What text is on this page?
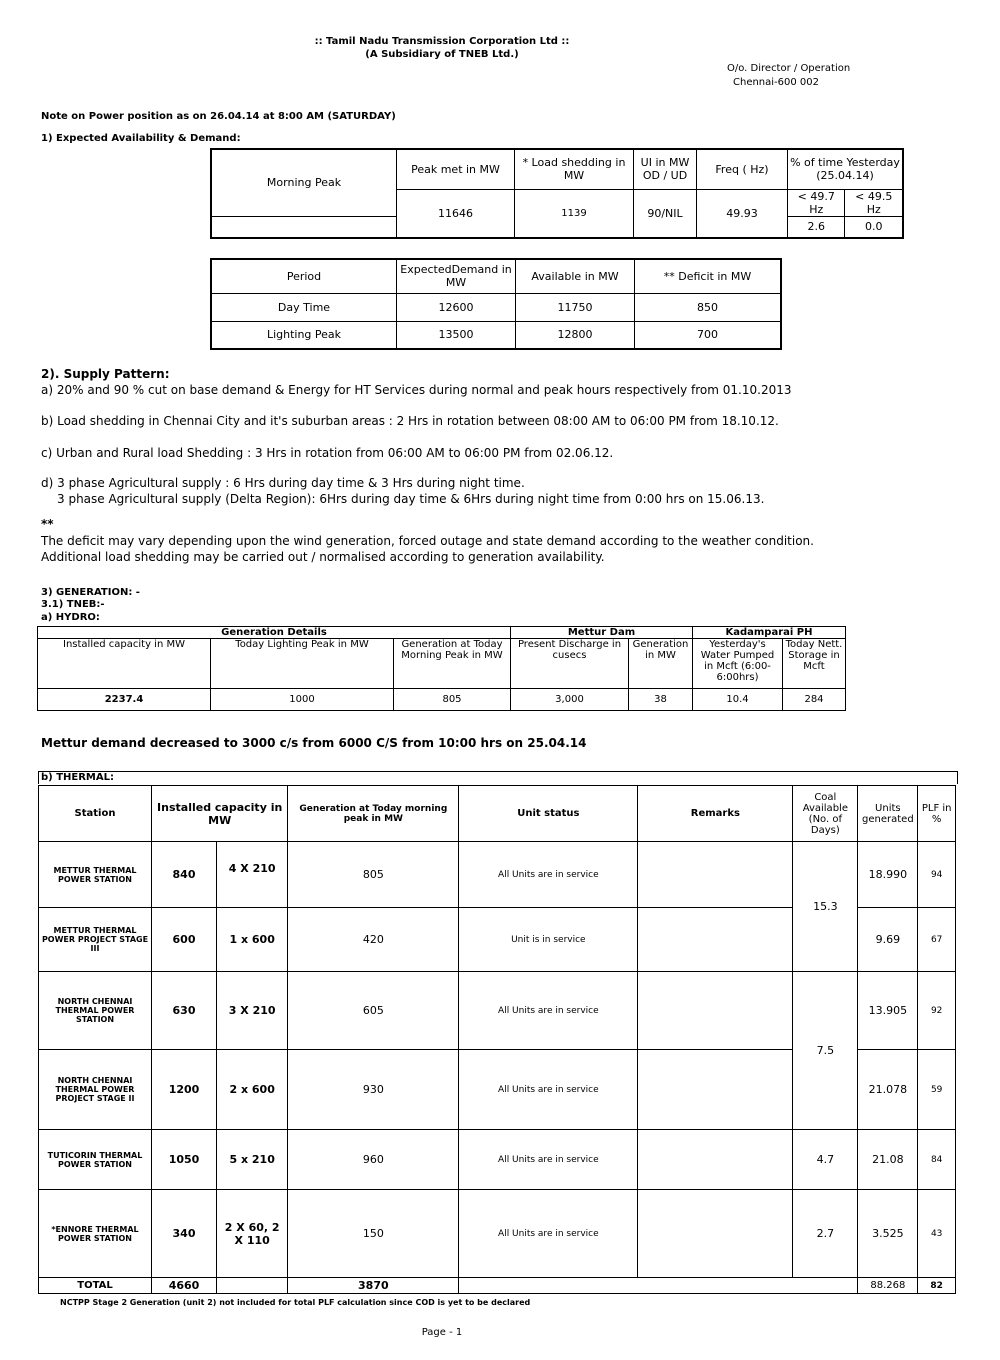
:: Tamil Nadu Transmission Corporation Ltd ::
(A Subsidiary of TNEB Ltd.)
O/o. Director / Operation
Chennai-600 002
Note on Power position as on 26.04.14 at 8:00 AM (SATURDAY)
1) Expected Availability & Demand:
Morning Peak	Peak met in MW	* Load shedding in MW	UI in MW OD / UD	Freq ( Hz)	% of time Yesterday (25.04.14)	
	11646	1139	90/NIL	49.93	< 49.7 Hz	< 49.5 Hz
					2.6	0.0
Period	ExpectedDemand in MW	Available in MW	** Deficit in MW
Day Time	12600	11750	850
Lighting Peak	13500	12800	700
2). Supply Pattern:
a) 20% and 90 % cut on base demand & Energy for HT Services during normal and peak hours respectively from 01.10.2013
b) Load shedding in Chennai City and it's suburban areas : 2 Hrs in rotation between 08:00 AM to 06:00 PM from 18.10.12.
c) Urban and Rural load Shedding : 3 Hrs in rotation from 06:00 AM to 06:00 PM from 02.06.12.
d) 3 phase Agricultural supply : 6 Hrs during day time & 3 Hrs during night time.
3 phase Agricultural supply (Delta Region): 6Hrs during day time & 6Hrs during night time from 0:00 hrs on 15.06.13.
**
The deficit may vary depending upon the wind generation, forced outage and state demand according to the weather condition. Additional load shedding may be carried out / normalised according to generation availability.
3) GENERATION: -
3.1) TNEB:-
a) HYDRO:
Generation Details			Mettur Dam		Kadamparai PH	
Installed capacity in MW	Today Lighting Peak in MW	Generation at Today Morning Peak in MW	Present Discharge in cusecs	Generation in MW	Yesterday's Water Pumped in Mcft (6:00-6:00hrs)	Today Nett. Storage in Mcft
2237.4	1000	805	3,000	38	10.4	284
Mettur demand decreased to 3000 c/s from 6000 C/S from 10:00 hrs on 25.04.14
b) THERMAL:
Station	Installed capacity in MW		Generation at Today morning peak in MW	Unit status	Remarks	Coal Available (No. of Days)	Units generated	PLF in %
METTUR THERMAL POWER STATION	840	4 X 210	805	All Units are in service		15.3	18.990	94
METTUR THERMAL POWER PROJECT STAGE III	600	1 x 600	420	Unit is in service			9.69	67
NORTH CHENNAI THERMAL POWER STATION	630	3 X 210	605	All Units are in service		7.5	13.905	92
NORTH CHENNAI THERMAL POWER PROJECT STAGE II	1200	2 x 600	930	All Units are in service			21.078	59
TUTICORIN THERMAL POWER STATION	1050	5 x 210	960	All Units are in service		4.7	21.08	84
*ENNORE THERMAL POWER STATION	340	2 X 60, 2 X 110	150	All Units are in service		2.7	3.525	43
TOTAL	4660		3870				88.268	82
NCTPP Stage 2 Generation (unit 2) not included for total PLF calculation since COD is yet to be declared
Page - 1
